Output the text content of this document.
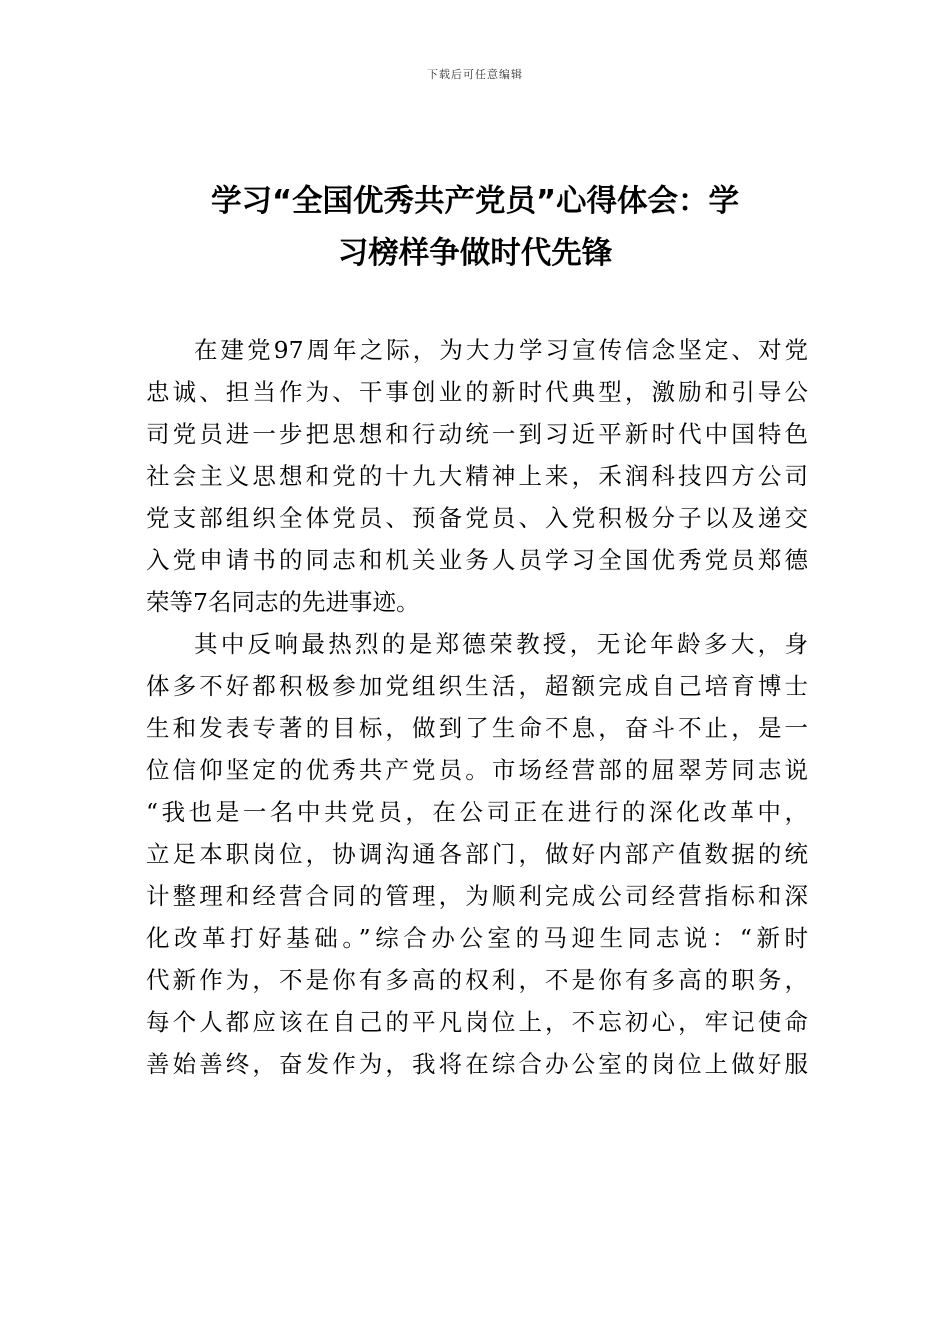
下载后可任意编辑
学习“全国优秀共产党员”心得体会：学
习榜样争做时代先锋

在建党97周年之际，为大力学习宣传信念坚定、对党
忠诚、担当作为、干事创业的新时代典型，激励和引导公
司党员进一步把思想和行动统一到习近平新时代中国特色
社会主义思想和党的十九大精神上来，禾润科技四方公司
党支部组织全体党员、预备党员、入党积极分子以及递交
入党申请书的同志和机关业务人员学习全国优秀党员郑德
荣等7名同志的先进事迹。

其中反响最热烈的是郑德荣教授，无论年龄多大，身
体多不好都积极参加党组织生活，超额完成自己培育博士
生和发表专著的目标，做到了生命不息，奋斗不止，是一
位信仰坚定的优秀共产党员。市场经营部的屈翠芳同志说
“我也是一名中共党员，在公司正在进行的深化改革中，
立足本职岗位，协调沟通各部门，做好内部产值数据的统
计整理和经营合同的管理，为顺利完成公司经营指标和深
化改革打好基础。”综合办公室的马迎生同志说：“新时
代新作为，不是你有多高的权利，不是你有多高的职务，
每个人都应该在自己的平凡岗位上，不忘初心，牢记使命
善始善终，奋发作为，我将在综合办公室的岗位上做好服
